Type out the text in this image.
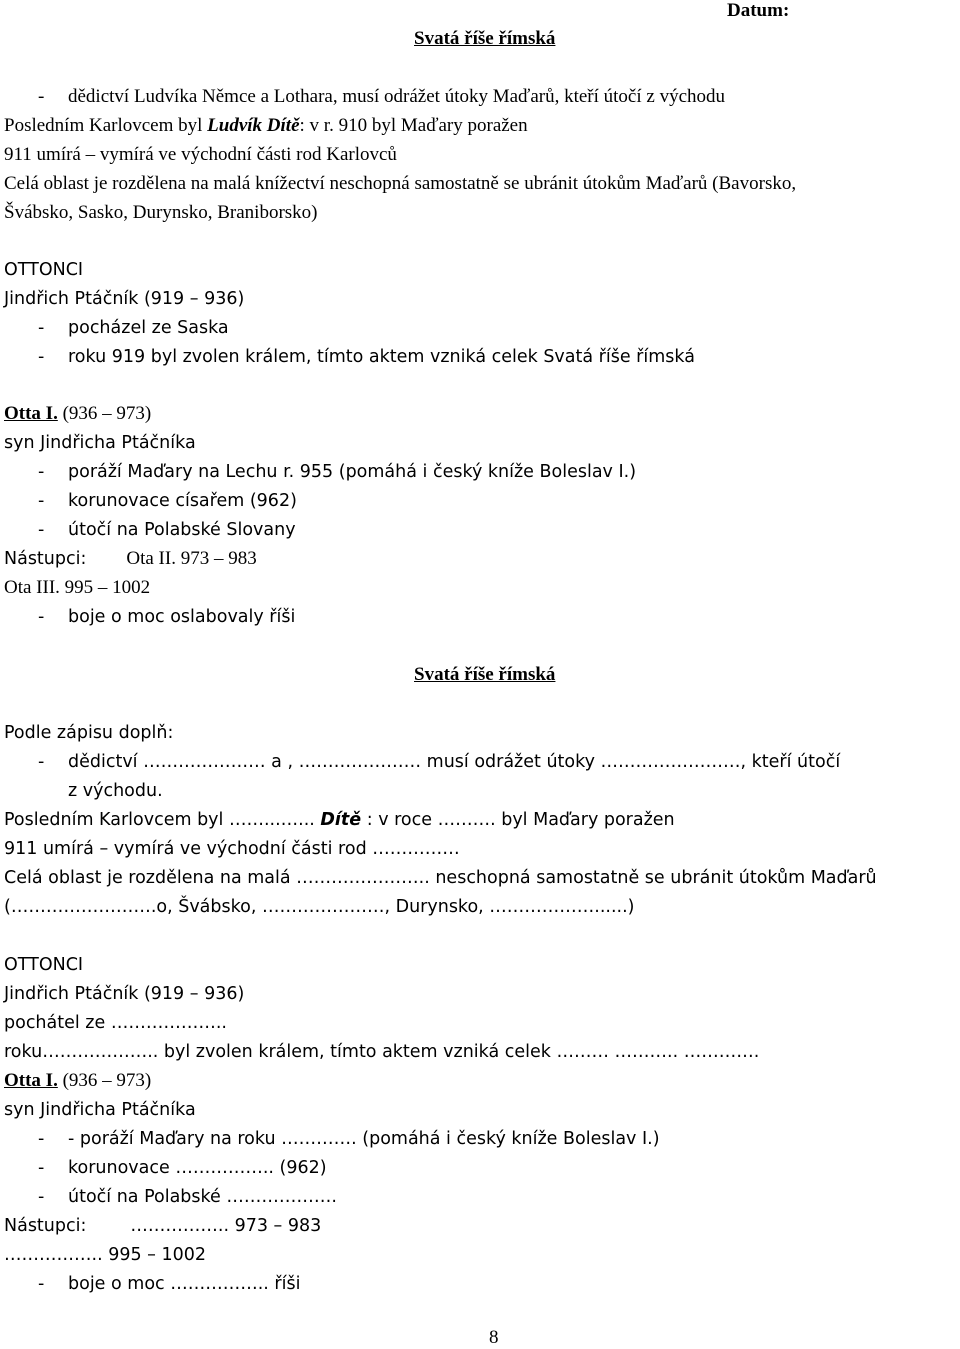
Datum:
Svatá říše římská
- dědictví Ludvíka Němce a Lothara, musí odrážet útoky Maďarů, kteří útočí z východu
Posledním Karlovcem byl Ludvík Dítě: v r. 910 byl Maďary poražen
911 umírá – vymírá ve východní části rod Karlovců
Celá oblast je rozdělena na malá knížectví neschopná samostatně se ubránit útokům Maďarů (Bavorsko,
Švábsko, Sasko, Durynsko, Braniborsko)
OTTONCI
Jindřich Ptáčník (919 – 936)
- pocházel ze Saska
- roku 919 byl zvolen králem, tímto aktem vzniká celek Svatá říše římská
Otta I. (936 – 973)
syn Jindřicha Ptáčníka
- poráží Maďary na Lechu r. 955 (pomáhá i český kníže Boleslav I.)
- korunovace císařem (962)
- útočí na Polabské Slovany
Nástupci: Ota II. 973 – 983
Ota III. 995 – 1002
- boje o moc oslabovaly říši
Svatá říše římská
Podle zápisu doplň:
- dědictví ………………… a , ………………… musí odrážet útoky ……………………, kteří útočí
z východu.
Posledním Karlovcem byl ……...…... Dítě : v roce ………. byl Maďary poražen
911 umírá – vymírá ve východní části rod ……………
Celá oblast je rozdělena na malá ………………….. neschopná samostatně se ubránit útokům Maďarů
(…………………….o, Švábsko, …………………, Durynsko, ………………......)
OTTONCI
Jindřich Ptáčník (919 – 936)
pochátel ze ………………..
roku……………….. byl zvolen králem, tímto aktem vzniká celek ……… ……….. ………….
Otta I. (936 – 973)
syn Jindřicha Ptáčníka
- - poráží Maďary na roku …………. (pomáhá i český kníže Boleslav I.)
- korunovace …………….. (962)
- útočí na Polabské ……………….
Nástupci:	…………….. 973 – 983
…………….. 995 – 1002
- boje o moc …………….. říši
8
